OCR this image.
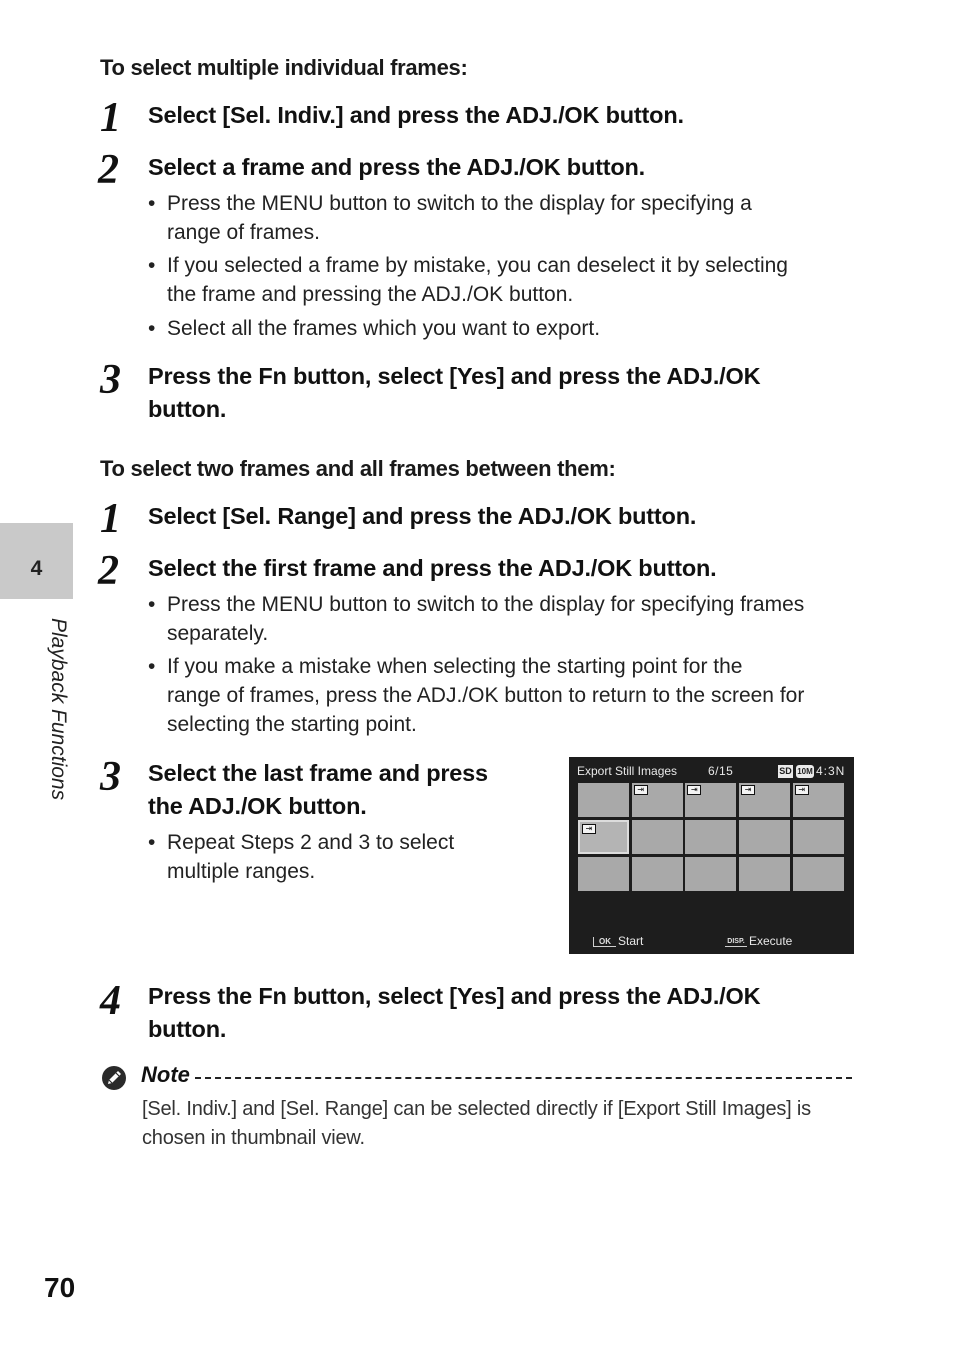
4
Playback Functions
To select multiple individual frames:
1 Select [Sel. Indiv.] and press the ADJ./OK button.
2 Select a frame and press the ADJ./OK button.
• Press the MENU button to switch to the display for specifying a
range of frames.
• If you selected a frame by mistake, you can deselect it by selecting
the frame and pressing the ADJ./OK button.
• Select all the frames which you want to export.
3 Press the Fn button, select [Yes] and press the ADJ./OK
button.
To select two frames and all frames between them:
1 Select [Sel. Range] and press the ADJ./OK button.
2 Select the first frame and press the ADJ./OK button.
• Press the MENU button to switch to the display for specifying frames
separately.
• If you make a mistake when selecting the starting point for the
range of frames, press the ADJ./OK button to return to the screen for
selecting the starting point.
3 Select the last frame and press
the ADJ./OK button.
• Repeat Steps 2 and 3 to select
multiple ranges.
Export Still Images	6/15	SD 10M 4:3N
⇥	⇥	⇥	⇥
⇥
OK Start	DISP. Execute
4 Press the Fn button, select [Yes] and press the ADJ./OK
button.
Note
[Sel. Indiv.] and [Sel. Range] can be selected directly if [Export Still Images] is
chosen in thumbnail view.
70
